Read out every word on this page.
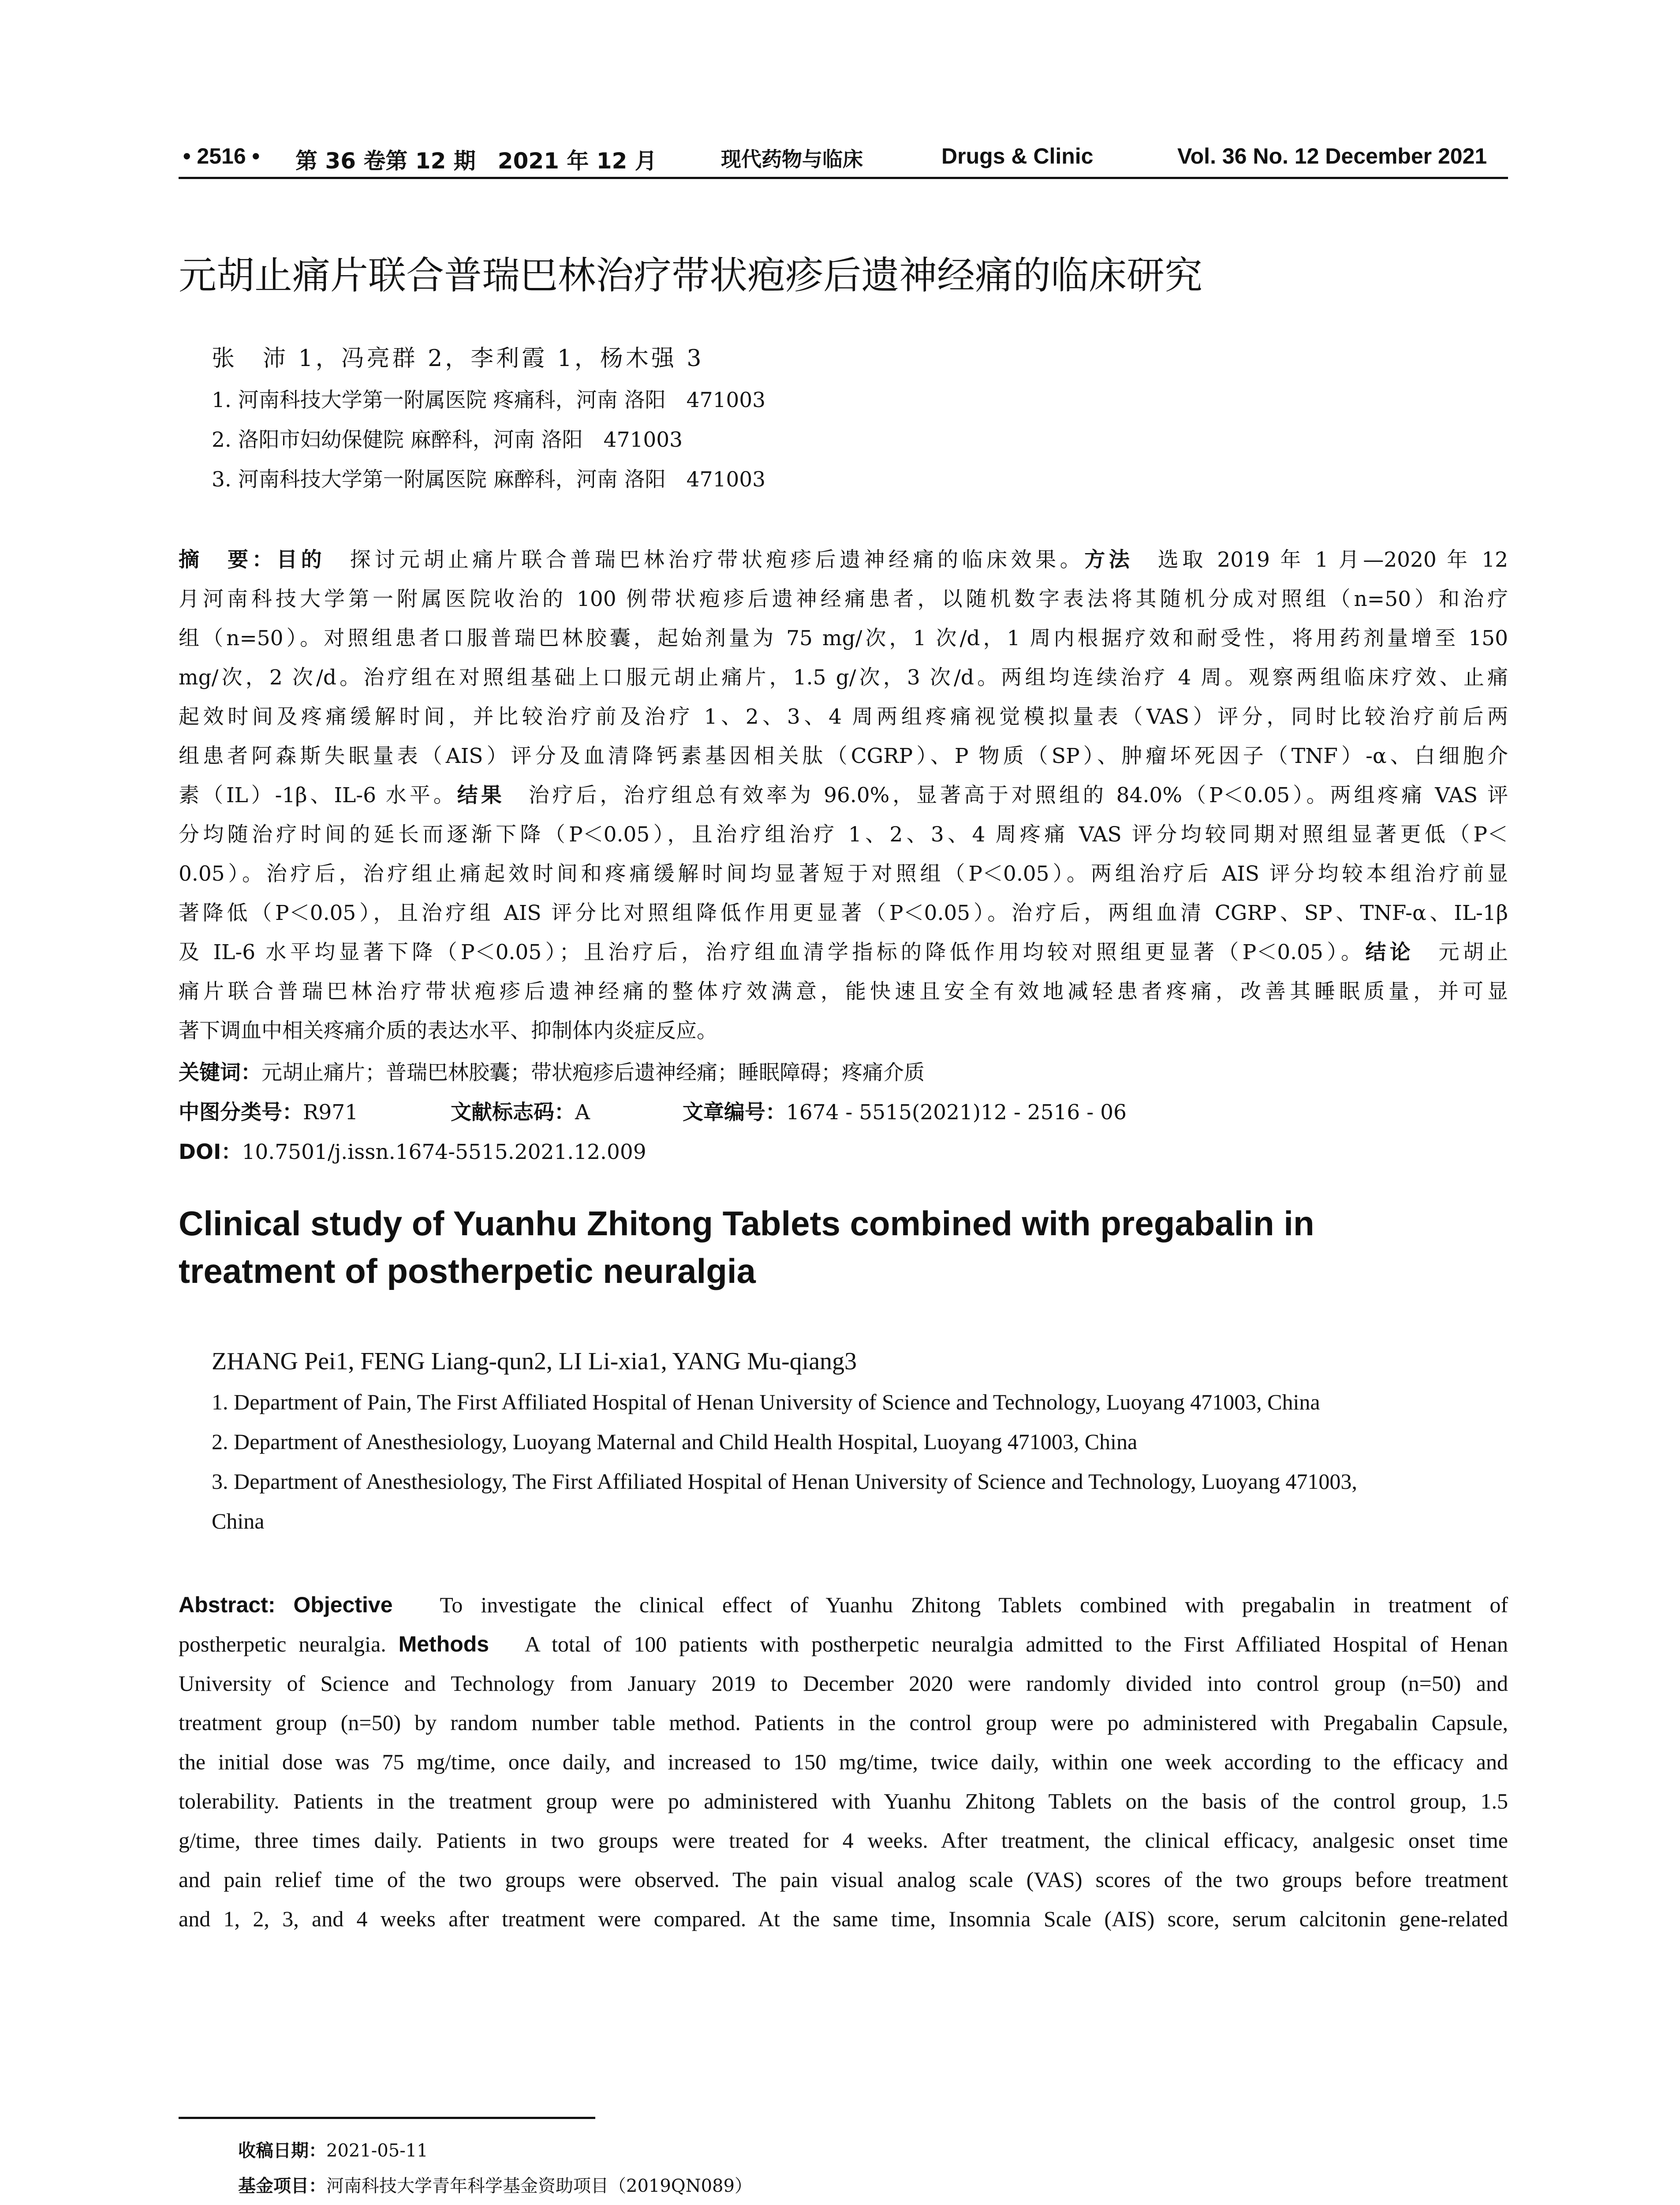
• 2516 • 第 36 卷第 12 期　2021 年 12 月	现代药物与临床	Drugs & Clinic	Vol. 36 No. 12 December 2021
元胡止痛片联合普瑞巴林治疗带状疱疹后遗神经痛的临床研究
张　沛 1，冯亮群 2，李利霞 1，杨木强 3
1. 河南科技大学第一附属医院 疼痛科，河南 洛阳　471003
2. 洛阳市妇幼保健院 麻醉科，河南 洛阳　471003
3. 河南科技大学第一附属医院 麻醉科，河南 洛阳　471003
摘　要：目的　 探讨元胡止痛片联合普瑞巴林治疗带状疱疹后遗神经痛的临床效果。方法　 选取 2019 年 1 月—2020 年 12
月河南科技大学第一附属医院收治的 100 例带状疱疹后遗神经痛患者，以随机数字表法将其随机分成对照组（n=50）和治疗
组（n=50）。对照组患者口服普瑞巴林胶囊，起始剂量为 75 mg/次，1 次/d，1 周内根据疗效和耐受性，将用药剂量增至 150
mg/次，2 次/d。治疗组在对照组基础上口服元胡止痛片，1.5 g/次，3 次/d。两组均连续治疗 4 周。观察两组临床疗效、止痛
起效时间及疼痛缓解时间，并比较治疗前及治疗 1、2、3、4 周两组疼痛视觉模拟量表（VAS）评分，同时比较治疗前后两
组患者阿森斯失眠量表（AIS）评分及血清降钙素基因相关肽（CGRP）、P 物质（SP）、肿瘤坏死因子（TNF）-α、白细胞介
素（IL）-1β、IL-6 水平。结果　 治疗后，治疗组总有效率为 96.0%，显著高于对照组的 84.0%（P＜0.05）。两组疼痛 VAS 评
分均随治疗时间的延长而逐渐下降（P＜0.05），且治疗组治疗 1、2、3、4 周疼痛 VAS 评分均较同期对照组显著更低（P＜
0.05）。治疗后，治疗组止痛起效时间和疼痛缓解时间均显著短于对照组（P＜0.05）。两组治疗后 AIS 评分均较本组治疗前显
著降低（P＜0.05），且治疗组 AIS 评分比对照组降低作用更显著（P＜0.05）。治疗后，两组血清 CGRP、SP、TNF-α、IL-1β
及 IL-6 水平均显著下降（P＜0.05）；且治疗后，治疗组血清学指标的降低作用均较对照组更显著（P＜0.05）。结论　 元胡止
痛片联合普瑞巴林治疗带状疱疹后遗神经痛的整体疗效满意，能快速且安全有效地减轻患者疼痛，改善其睡眠质量，并可显
著下调血中相关疼痛介质的表达水平、抑制体内炎症反应。
关键词：元胡止痛片；普瑞巴林胶囊；带状疱疹后遗神经痛；睡眠障碍；疼痛介质
中图分类号：R971	文献标志码：A	文章编号：1674 - 5515(2021)12 - 2516 - 06
DOI：10.7501/j.issn.1674-5515.2021.12.009
Clinical study of Yuanhu Zhitong Tablets combined with pregabalin in
treatment of postherpetic neuralgia
ZHANG Pei1, FENG Liang-qun2, LI Li-xia1, YANG Mu-qiang3
1. Department of Pain, The First Affiliated Hospital of Henan University of Science and Technology, Luoyang 471003, China
2. Department of Anesthesiology, Luoyang Maternal and Child Health Hospital, Luoyang 471003, China
3. Department of Anesthesiology, The First Affiliated Hospital of Henan University of Science and Technology, Luoyang 471003,
China
Abstract: Objective　 To investigate the clinical effect of Yuanhu Zhitong Tablets combined with pregabalin in treatment of
postherpetic neuralgia. Methods　 A total of 100 patients with postherpetic neuralgia admitted to the First Affiliated Hospital of Henan
University of Science and Technology from January 2019 to December 2020 were randomly divided into control group (n=50) and
treatment group (n=50) by random number table method. Patients in the control group were po administered with Pregabalin Capsule,
the initial dose was 75 mg/time, once daily, and increased to 150 mg/time, twice daily, within one week according to the efficacy and
tolerability. Patients in the treatment group were po administered with Yuanhu Zhitong Tablets on the basis of the control group, 1.5
g/time, three times daily. Patients in two groups were treated for 4 weeks. After treatment, the clinical efficacy, analgesic onset time
and pain relief time of the two groups were observed. The pain visual analog scale (VAS) scores of the two groups before treatment
and 1, 2, 3, and 4 weeks after treatment were compared. At the same time, Insomnia Scale (AIS) score, serum calcitonin gene-related
收稿日期：2021-05-11
基金项目：河南科技大学青年科学基金资助项目（2019QN089）
